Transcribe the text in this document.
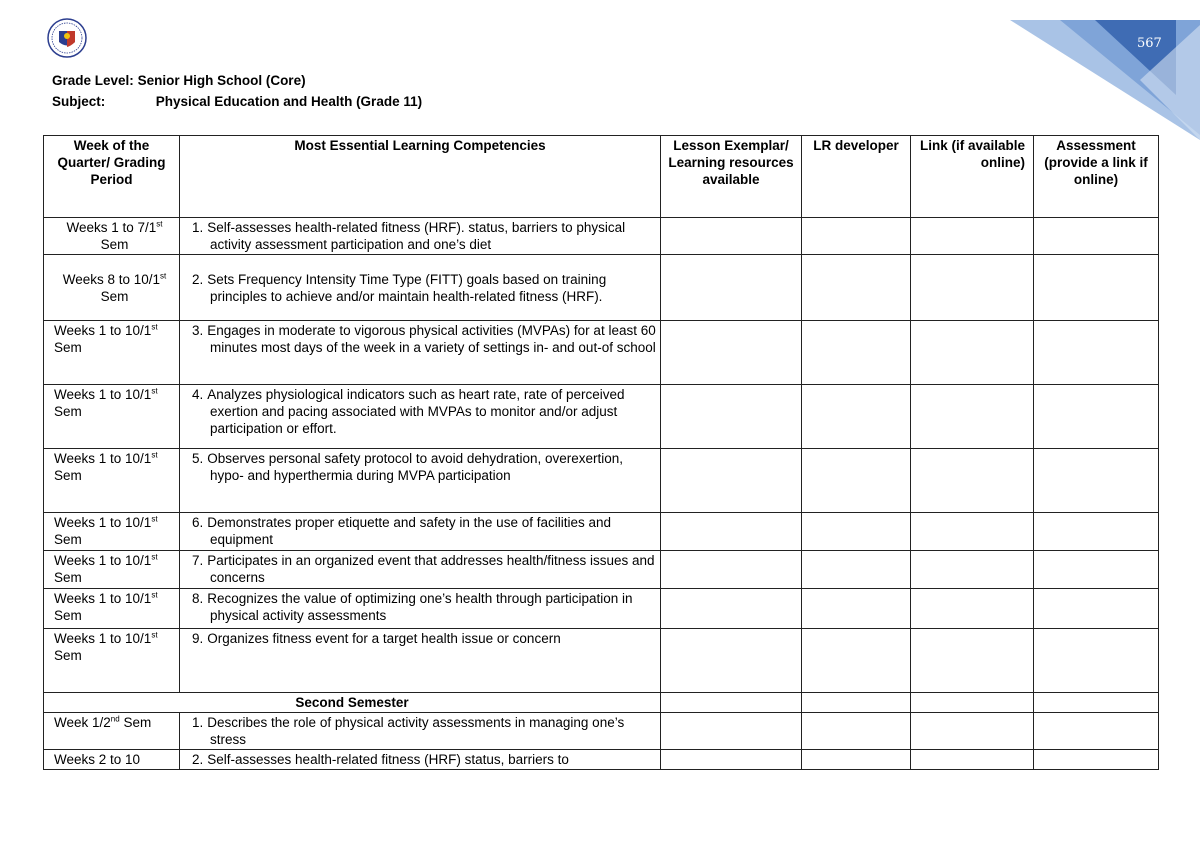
567
Grade Level: Senior High School (Core)
Subject:	Physical Education and Health (Grade 11)
Week of the Quarter/ Grading Period	Most Essential Learning Competencies	Lesson Exemplar/ Learning resources available	LR developer	Link (if available online)	Assessment (provide a link if online)
Weeks 1 to 7/1st Sem	1. Self-assesses health-related fitness (HRF). status, barriers to physical activity assessment participation and one’s diet				
Weeks 8 to 10/1st Sem	2. Sets Frequency Intensity Time Type (FITT) goals based on training principles to achieve and/or maintain health-related fitness (HRF).				
Weeks 1 to 10/1st Sem	3. Engages in moderate to vigorous physical activities (MVPAs) for at least 60 minutes most days of the week in a variety of settings in- and out-of school				
Weeks 1 to 10/1st Sem	4. Analyzes physiological indicators such as heart rate, rate of perceived exertion and pacing associated with MVPAs to monitor and/or adjust participation or effort.				
Weeks 1 to 10/1st Sem	5. Observes personal safety protocol to avoid dehydration, overexertion, hypo- and hyperthermia during MVPA participation				
Weeks 1 to 10/1st Sem	6. Demonstrates proper etiquette and safety in the use of facilities and equipment				
Weeks 1 to 10/1st Sem	7. Participates in an organized event that addresses health/fitness issues and concerns				
Weeks 1 to 10/1st Sem	8. Recognizes the value of optimizing one’s health through participation in physical activity assessments				
Weeks 1 to 10/1st Sem	9. Organizes fitness event for a target health issue or concern				
Second Semester					
Week 1/2nd Sem	1. Describes the role of physical activity assessments in managing one’s stress				
Weeks 2 to 10	2. Self-assesses health-related fitness (HRF) status, barriers to				
